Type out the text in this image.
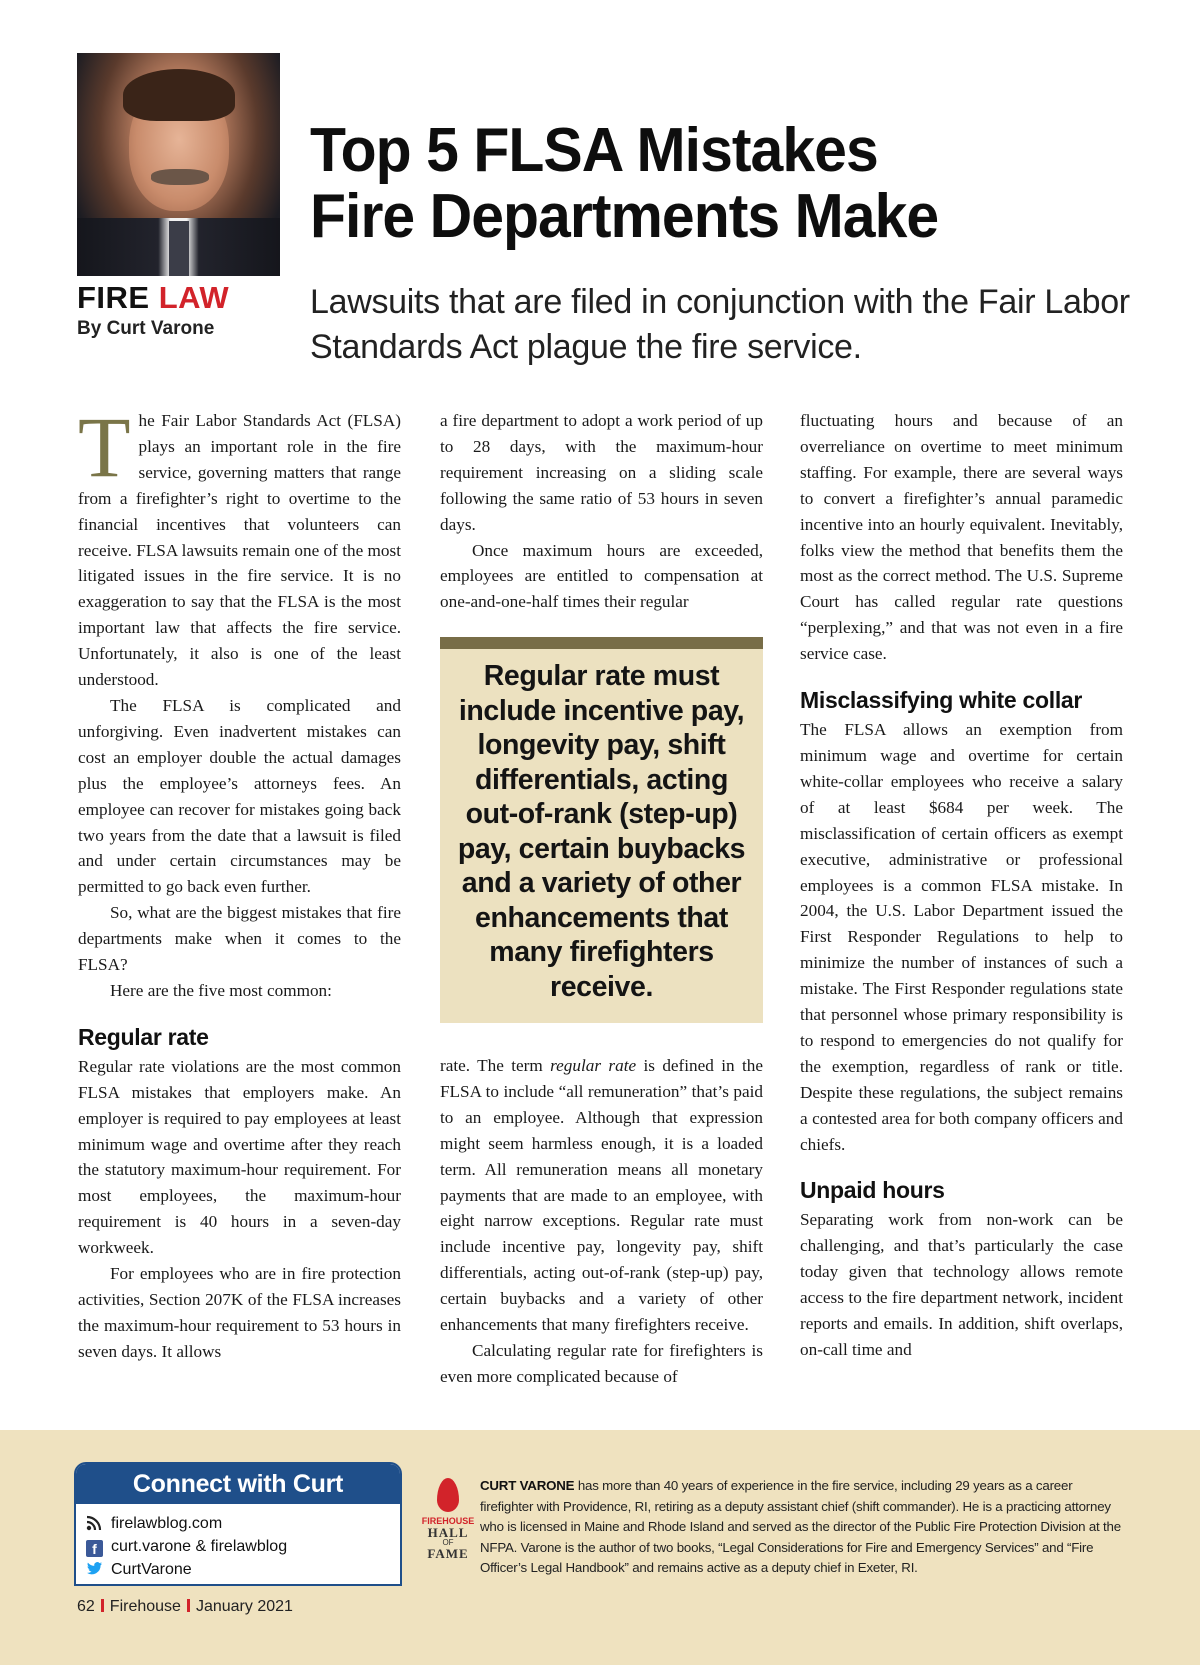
FIRE LAW
By Curt Varone
Top 5 FLSA Mistakes
Fire Departments Make
Lawsuits that are filed in conjunction with the Fair Labor Standards Act plague the fire service.

The Fair Labor Standards Act (FLSA) plays an important role in the fire service, governing matters that range from a firefighter’s right to overtime to the financial incentives that volunteers can receive. FLSA lawsuits remain one of the most litigated issues in the fire service. It is no exaggeration to say that the FLSA is the most important law that affects the fire service. Unfortunately, it also is one of the least understood.

The FLSA is complicated and unforgiving. Even inadvertent mistakes can cost an employer double the actual damages plus the employee’s attorneys fees. An employee can recover for mistakes going back two years from the date that a lawsuit is filed and under certain circumstances may be permitted to go back even further.

So, what are the biggest mistakes that fire departments make when it comes to the FLSA?

Here are the five most common:

Regular rate

Regular rate violations are the most common FLSA mistakes that employers make. An employer is required to pay employees at least minimum wage and overtime after they reach the statutory maximum-hour requirement. For most employees, the maximum-hour requirement is 40 hours in a seven-day workweek.

For employees who are in fire protection activities, Section 207K of the FLSA increases the maximum-hour requirement to 53 hours in seven days. It allows

a fire department to adopt a work period of up to 28 days, with the maximum-hour requirement increasing on a sliding scale following the same ratio of 53 hours in seven days.

Once maximum hours are exceeded, employees are entitled to compensation at one-and-one-half times their regular

Regular rate must include incentive pay, longevity pay, shift differentials, acting out-of-rank (step-up) pay, certain buybacks and a variety of other enhancements that many firefighters receive.

rate. The term regular rate is defined in the FLSA to include “all remuneration” that’s paid to an employee. Although that expression might seem harmless enough, it is a loaded term. All remuneration means all monetary payments that are made to an employee, with eight narrow exceptions. Regular rate must include incentive pay, longevity pay, shift differentials, acting out-of-rank (step-up) pay, certain buybacks and a variety of other enhancements that many firefighters receive.

Calculating regular rate for firefighters is even more complicated because of

fluctuating hours and because of an overreliance on overtime to meet minimum staffing. For example, there are several ways to convert a firefighter’s annual paramedic incentive into an hourly equivalent. Inevitably, folks view the method that benefits them the most as the correct method. The U.S. Supreme Court has called regular rate questions “perplexing,” and that was not even in a fire service case.

Misclassifying white collar

The FLSA allows an exemption from minimum wage and overtime for certain white-collar employees who receive a salary of at least $684 per week. The misclassification of certain officers as exempt executive, administrative or professional employees is a common FLSA mistake. In 2004, the U.S. Labor Department issued the First Responder Regulations to help to minimize the number of instances of such a mistake. The First Responder regulations state that personnel whose primary responsibility is to respond to emergencies do not qualify for the exemption, regardless of rank or title. Despite these regulations, the subject remains a contested area for both company officers and chiefs.

Unpaid hours

Separating work from non-work can be challenging, and that’s particularly the case today given that technology allows remote access to the fire department network, incident reports and emails. In addition, shift overlaps, on-call time and

Connect with Curt
firelawblog.com
f curt.varone & firelawblog
CurtVarone
FIREHOUSE
HALL
OF
FAME
CURT VARONE has more than 40 years of experience in the fire service, including 29 years as a career firefighter with Providence, RI, retiring as a deputy assistant chief (shift commander). He is a practicing attorney who is licensed in Maine and Rhode Island and served as the director of the Public Fire Protection Division at the NFPA. Varone is the author of two books, “Legal Considerations for Fire and Emergency Services” and “Fire Officer’s Legal Handbook” and remains active as a deputy chief in Exeter, RI.
62 Firehouse January 2021
